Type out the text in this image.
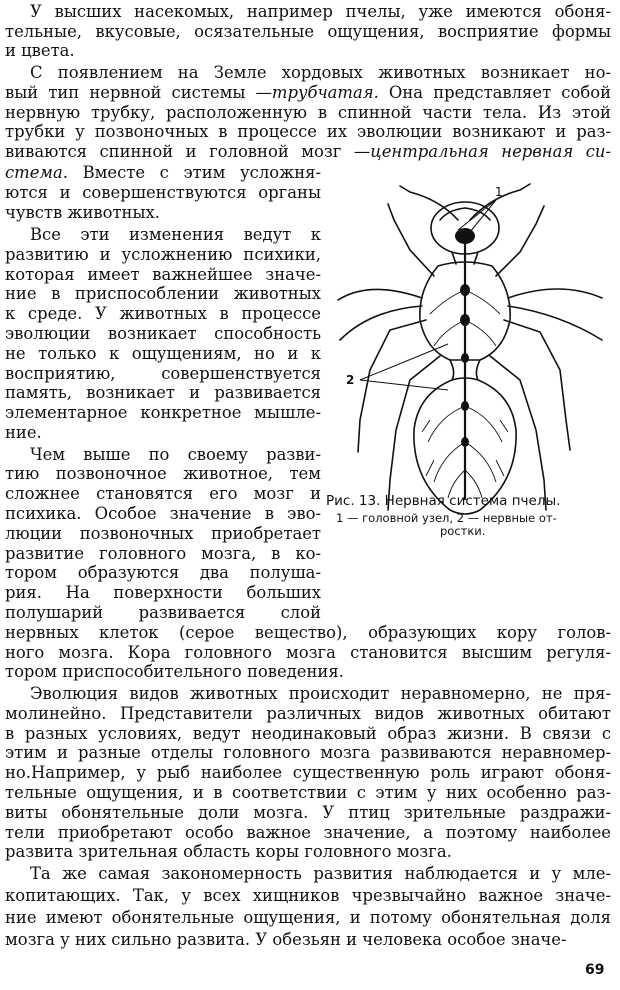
У высших насекомых, например пчелы, уже имеются обоня-
тельные, вкусовые, осязательные ощущения, восприятие формы
и цвета.
С появлением на Земле хордовых животных возникает но-
вый тип нервной системы —трубчатая. Она представляет собой
нервную трубку, расположенную в спинной части тела. Из этой
трубки у позвоночных в процессе их эволюции возникают и раз-
виваются спинной и головной мозг —центральная нервная си-
стема. Вместе с этим усложня-
ются и совершенствуются органы
чувств животных.
Все эти изменения ведут к
развитию и усложнению психики,
которая имеет важнейшее значе-
ние в приспособлении животных
к среде. У животных в процессе
эволюции возникает способность
не только к ощущениям, но и к
восприятию, совершенствуется
память, возникает и развивается
элементарное конкретное мышле-
ние.
Чем выше по своему разви-
тию позвоночное животное, тем
сложнее становятся его мозг и
психика. Особое значение в эво-
люции позвоночных приобретает
развитие головного мозга, в ко-
тором образуются два полуша-
рия. На поверхности больших
полушарий развивается слой
нервных клеток (серое вещество), образующих кору голов-
ного мозга. Кора головного мозга становится высшим регуля-
тором приспособительного поведения.
Эволюция видов животных происходит неравномерно, не пря-
молинейно. Представители различных видов животных обитают
в разных условиях, ведут неодинаковый образ жизни. В связи с
этим и разные отделы головного мозга развиваются неравномер-
но.Например, у рыб наиболее существенную роль играют обоня-
тельные ощущения, и в соответствии с этим у них особенно раз-
виты обонятельные доли мозга. У птиц зрительные раздражи-
тели приобретают особо важное значение, а поэтому наиболее
развита зрительная область коры головного мозга.
1
2
Рис. 13. Нервная система пчелы.
1 — головной узел, 2 — нервные от-
ростки.
69
Та же самая закономерность развития наблюдается и у мле-
копитающих. Так, у всех хищников чрезвычайно важное значе-
ние имеют обонятельные ощущения, и потому обонятельная доля
мозга у них сильно развита. У обезьян и человека особое значе-
